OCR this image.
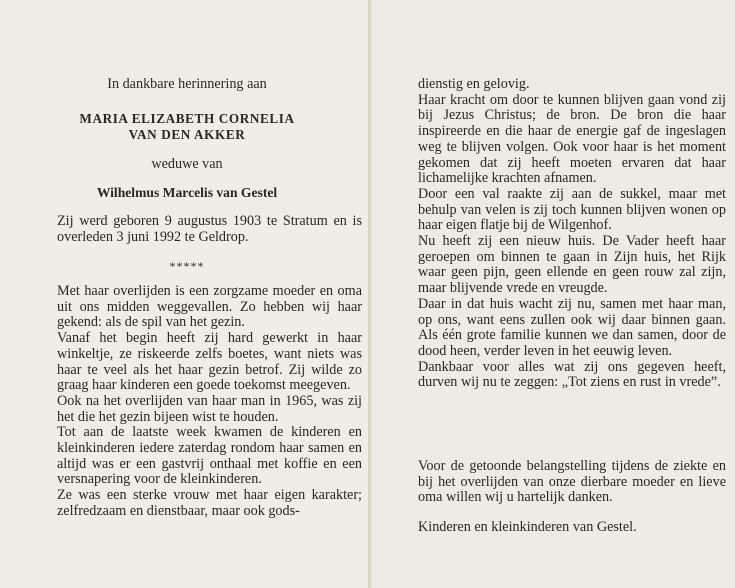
In dankbare herinnering aan
MARIA ELIZABETH CORNELIA
VAN DEN AKKER
weduwe van
Wilhelmus Marcelis van Gestel

Zij werd geboren 9 augustus 1903 te Stratum en is overleden 3 juni 1992 te Geldrop.

*****

Met haar overlijden is een zorgzame moeder en oma uit ons midden weggevallen. Zo hebben wij haar gekend: als de spil van het gezin.

Vanaf het begin heeft zij hard gewerkt in haar winkeltje, ze riskeerde zelfs boetes, want niets was haar te veel als het haar gezin betrof. Zij wilde zo graag haar kinderen een goede toekomst meegeven.

Ook na het overlijden van haar man in 1965, was zij het die het gezin bijeen wist te houden.

Tot aan de laatste week kwamen de kinderen en kleinkinderen iedere zaterdag rondom haar samen en altijd was er een gastvrij onthaal met koffie en een versnapering voor de kleinkinderen.

Ze was een sterke vrouw met haar eigen karakter; zelfredzaam en dienstbaar, maar ook gods-

dienstig en gelovig.

Haar kracht om door te kunnen blijven gaan vond zij bij Jezus Christus; de bron. De bron die haar inspireerde en die haar de energie gaf de ingeslagen weg te blijven volgen. Ook voor haar is het moment gekomen dat zij heeft moeten ervaren dat haar lichamelijke krachten afnamen.

Door een val raakte zij aan de sukkel, maar met behulp van velen is zij toch kunnen blijven wonen op haar eigen flatje bij de Wilgenhof.

Nu heeft zij een nieuw huis. De Vader heeft haar geroepen om binnen te gaan in Zijn huis, het Rijk waar geen pijn, geen ellende en geen rouw zal zijn, maar blijvende vrede en vreugde.

Daar in dat huis wacht zij nu, samen met haar man, op ons, want eens zullen ook wij daar binnen gaan. Als één grote familie kunnen we dan samen, door de dood heen, verder leven in het eeuwig leven.

Dankbaar voor alles wat zij ons gegeven heeft, durven wij nu te zeggen: „Tot ziens en rust in vrede”.

Voor de getoonde belangstelling tijdens de ziekte en bij het overlijden van onze dierbare moeder en lieve oma willen wij u hartelijk danken.

Kinderen en kleinkinderen van Gestel.
